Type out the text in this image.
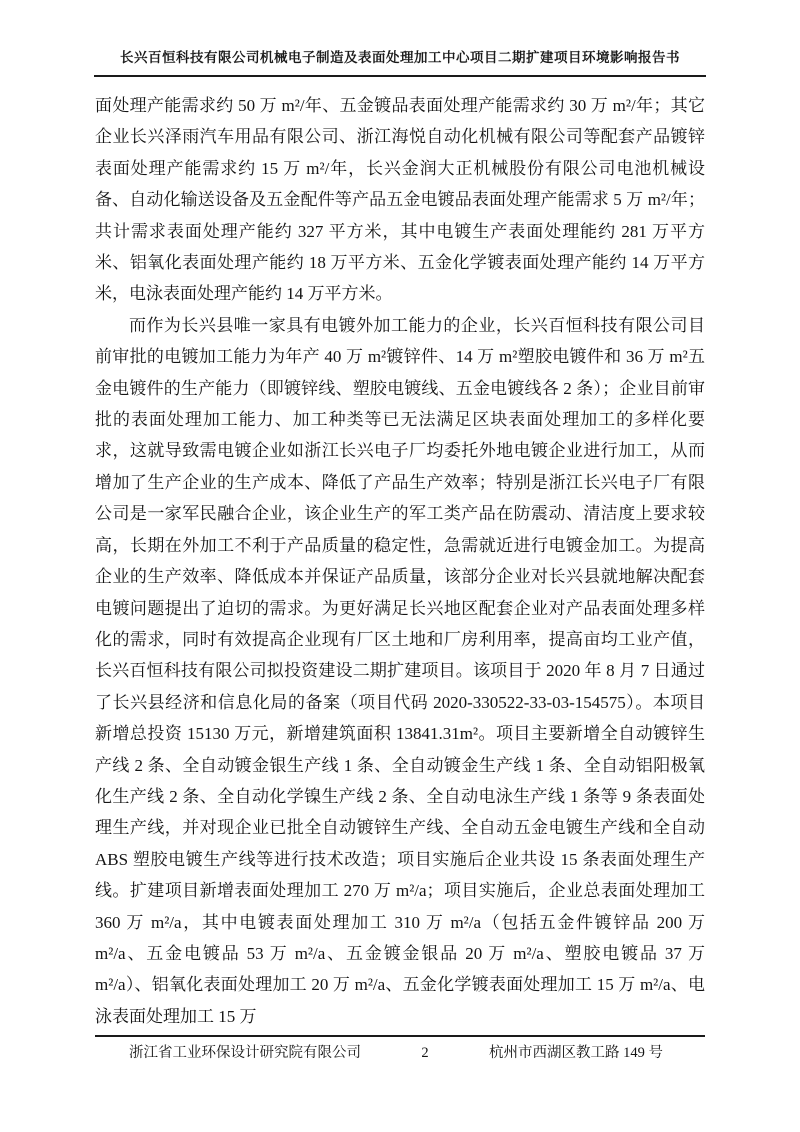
长兴百恒科技有限公司机械电子制造及表面处理加工中心项目二期扩建项目环境影响报告书

面处理产能需求约 50 万 m²/年、五金镀品表面处理产能需求约 30 万 m²/年；其它企业长兴泽雨汽车用品有限公司、浙江海悦自动化机械有限公司等配套产品镀锌表面处理产能需求约 15 万 m²/年，长兴金润大正机械股份有限公司电池机械设备、自动化输送设备及五金配件等产品五金电镀品表面处理产能需求 5 万 m²/年；共计需求表面处理产能约 327 平方米，其中电镀生产表面处理能约 281 万平方米、铝氧化表面处理产能约 18 万平方米、五金化学镀表面处理产能约 14 万平方米，电泳表面处理产能约 14 万平方米。

而作为长兴县唯一家具有电镀外加工能力的企业，长兴百恒科技有限公司目前审批的电镀加工能力为年产 40 万 m²镀锌件、14 万 m²塑胶电镀件和 36 万 m²五金电镀件的生产能力（即镀锌线、塑胶电镀线、五金电镀线各 2 条）；企业目前审批的表面处理加工能力、加工种类等已无法满足区块表面处理加工的多样化要求，这就导致需电镀企业如浙江长兴电子厂均委托外地电镀企业进行加工，从而增加了生产企业的生产成本、降低了产品生产效率；特别是浙江长兴电子厂有限公司是一家军民融合企业，该企业生产的军工类产品在防震动、清洁度上要求较高，长期在外加工不利于产品质量的稳定性，急需就近进行电镀金加工。为提高企业的生产效率、降低成本并保证产品质量，该部分企业对长兴县就地解决配套电镀问题提出了迫切的需求。为更好满足长兴地区配套企业对产品表面处理多样化的需求，同时有效提高企业现有厂区土地和厂房利用率，提高亩均工业产值，长兴百恒科技有限公司拟投资建设二期扩建项目。该项目于 2020 年 8 月 7 日通过了长兴县经济和信息化局的备案（项目代码 2020-330522-33-03-154575）。本项目新增总投资 15130 万元，新增建筑面积 13841.31m²。项目主要新增全自动镀锌生产线 2 条、全自动镀金银生产线 1 条、全自动镀金生产线 1 条、全自动铝阳极氧化生产线 2 条、全自动化学镍生产线 2 条、全自动电泳生产线 1 条等 9 条表面处理生产线，并对现企业已批全自动镀锌生产线、全自动五金电镀生产线和全自动 ABS 塑胶电镀生产线等进行技术改造；项目实施后企业共设 15 条表面处理生产线。扩建项目新增表面处理加工 270 万 m²/a；项目实施后，企业总表面处理加工 360 万 m²/a，其中电镀表面处理加工 310 万 m²/a（包括五金件镀锌品 200 万 m²/a、五金电镀品 53 万 m²/a、五金镀金银品 20 万 m²/a、塑胶电镀品 37 万 m²/a）、铝氧化表面处理加工 20 万 m²/a、五金化学镀表面处理加工 15 万 m²/a、电泳表面处理加工 15 万

浙江省工业环保设计研究院有限公司	2	杭州市西湖区教工路 149 号
